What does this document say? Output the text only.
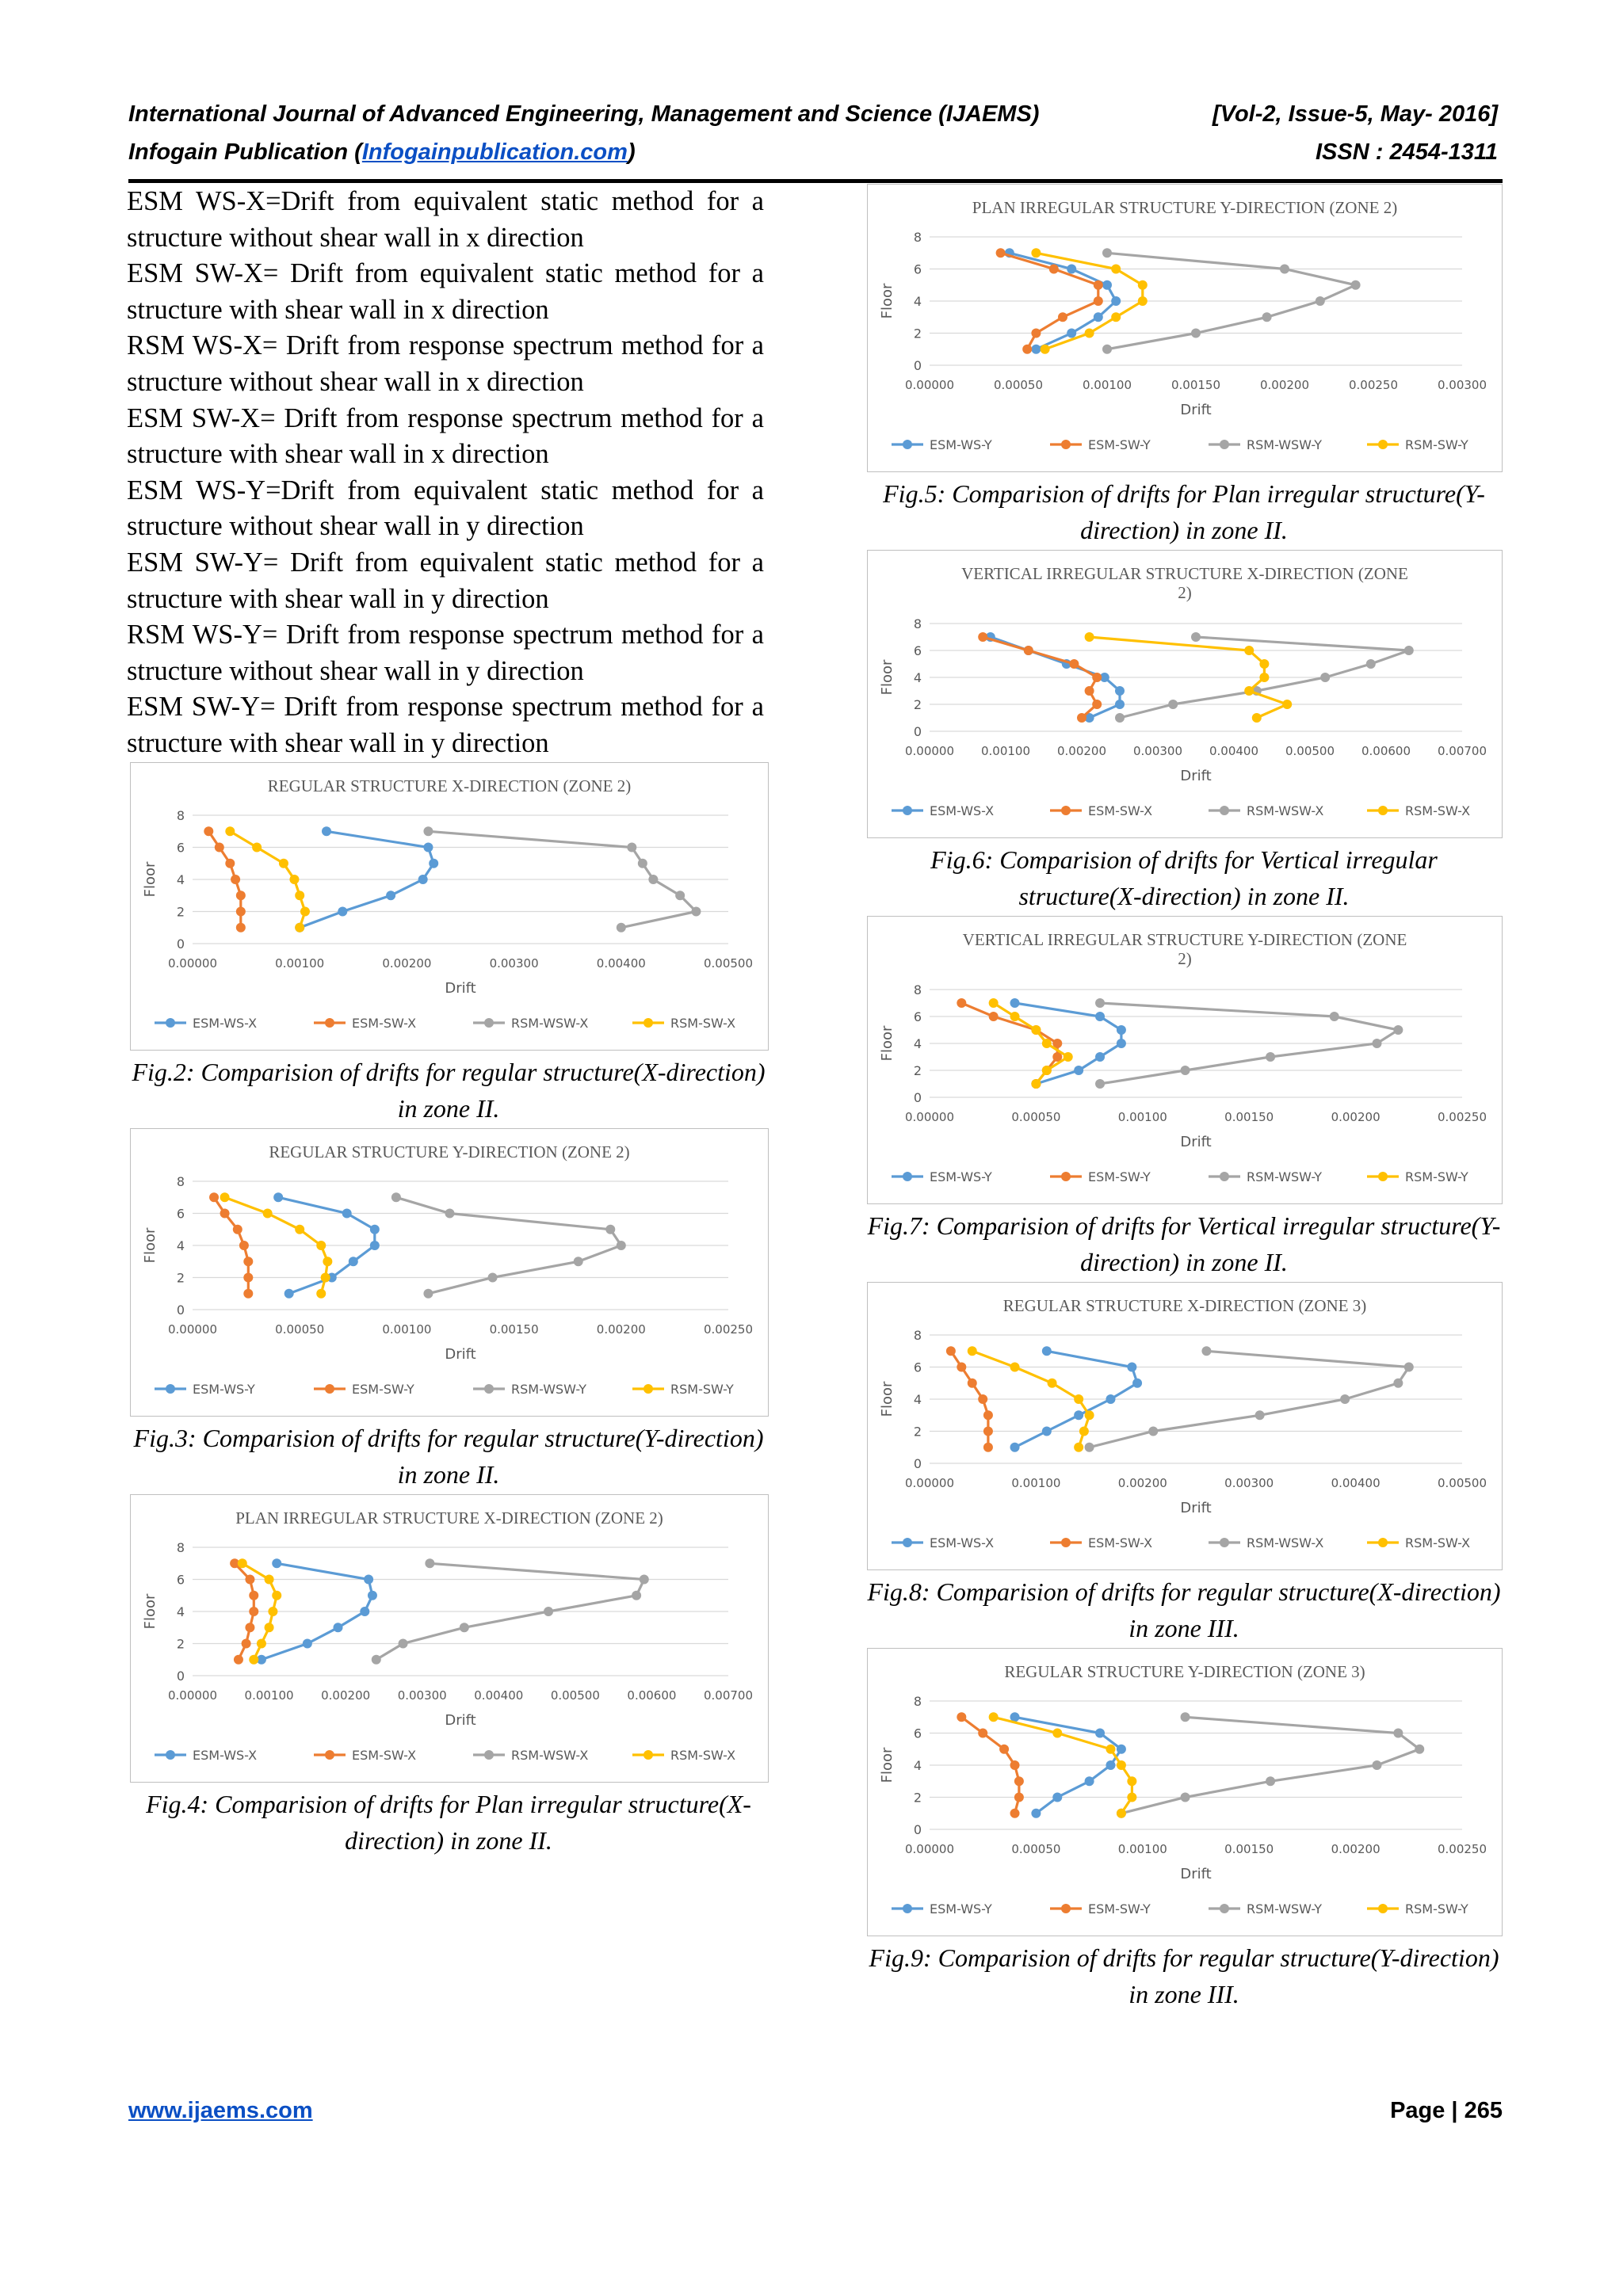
International Journal of Advanced Engineering, Management and Science (IJAEMS)	[Vol-2, Issue-5, May- 2016]
Infogain Publication (Infogainpublication.com)	ISSN : 2454-1311

ESM WS-X=Drift from equivalent static method for a structure without shear wall in x direction

ESM SW-X= Drift from equivalent static method for a structure with shear wall in x direction

RSM WS-X= Drift from response spectrum method for a structure without shear wall in x direction

ESM SW-X= Drift from response spectrum method for a structure with shear wall in x direction

ESM WS-Y=Drift from equivalent static method for a structure without shear wall in y direction

ESM SW-Y= Drift from equivalent static method for a structure with shear wall in y direction

RSM WS-Y= Drift from response spectrum method for a structure without shear wall in y direction

ESM SW-Y= Drift from response spectrum method for a structure with shear wall in y direction

REGULAR STRUCTURE X-DIRECTION (ZONE 2)
0
2
4
6
8
0.00000	0.00100	0.00200	0.00300	0.00400	0.00500
Drift
Floor
ESM-WS-X	ESM-SW-X	RSM-WSW-X	RSM-SW-X
Fig.2: Comparision of drifts for regular structure(X-direction) in zone II.
REGULAR STRUCTURE Y-DIRECTION (ZONE 2)
0
2
4
6
8
0.00000	0.00050	0.00100	0.00150	0.00200	0.00250
Drift
Floor
ESM-WS-Y	ESM-SW-Y	RSM-WSW-Y	RSM-SW-Y
Fig.3: Comparision of drifts for regular structure(Y-direction) in zone II.
PLAN IRREGULAR STRUCTURE X-DIRECTION (ZONE 2)
0
2
4
6
8
0.00000 0.00100 0.00200 0.00300 0.00400 0.00500 0.00600 0.00700
Drift
Floor
ESM-WS-X	ESM-SW-X	RSM-WSW-X	RSM-SW-X
Fig.4: Comparision of drifts for Plan irregular structure(X-direction) in zone II.
PLAN IRREGULAR STRUCTURE Y-DIRECTION (ZONE 2)
0
2
4
6
8
0.00000	0.00050	0.00100	0.00150	0.00200	0.00250	0.00300
Drift
Floor
ESM-WS-Y	ESM-SW-Y	RSM-WSW-Y	RSM-SW-Y
Fig.5: Comparision of drifts for Plan irregular structure(Y-direction) in zone II.
VERTICAL IRREGULAR STRUCTURE X-DIRECTION (ZONE
2)
0
2
4
6
8
0.00000 0.00100 0.00200 0.00300 0.00400 0.00500 0.00600 0.00700
Drift
Floor
ESM-WS-X	ESM-SW-X	RSM-WSW-X	RSM-SW-X
Fig.6: Comparision of drifts for Vertical irregular structure(X-direction) in zone II.
VERTICAL IRREGULAR STRUCTURE Y-DIRECTION (ZONE
2)
0
2
4
6
8
0.00000	0.00050	0.00100	0.00150	0.00200	0.00250
Drift
Floor
ESM-WS-Y	ESM-SW-Y	RSM-WSW-Y	RSM-SW-Y
Fig.7: Comparision of drifts for Vertical irregular structure(Y-direction) in zone II.
REGULAR STRUCTURE X-DIRECTION (ZONE 3)
0
2
4
6
8
0.00000	0.00100	0.00200	0.00300	0.00400	0.00500
Drift
Floor
ESM-WS-X	ESM-SW-X	RSM-WSW-X	RSM-SW-X
Fig.8: Comparision of drifts for regular structure(X-direction) in zone III.
REGULAR STRUCTURE Y-DIRECTION (ZONE 3)
0
2
4
6
8
0.00000	0.00050	0.00100	0.00150	0.00200	0.00250
Drift
Floor
ESM-WS-Y	ESM-SW-Y	RSM-WSW-Y	RSM-SW-Y
Fig.9: Comparision of drifts for regular structure(Y-direction) in zone III.
www.ijaems.com	Page | 265
